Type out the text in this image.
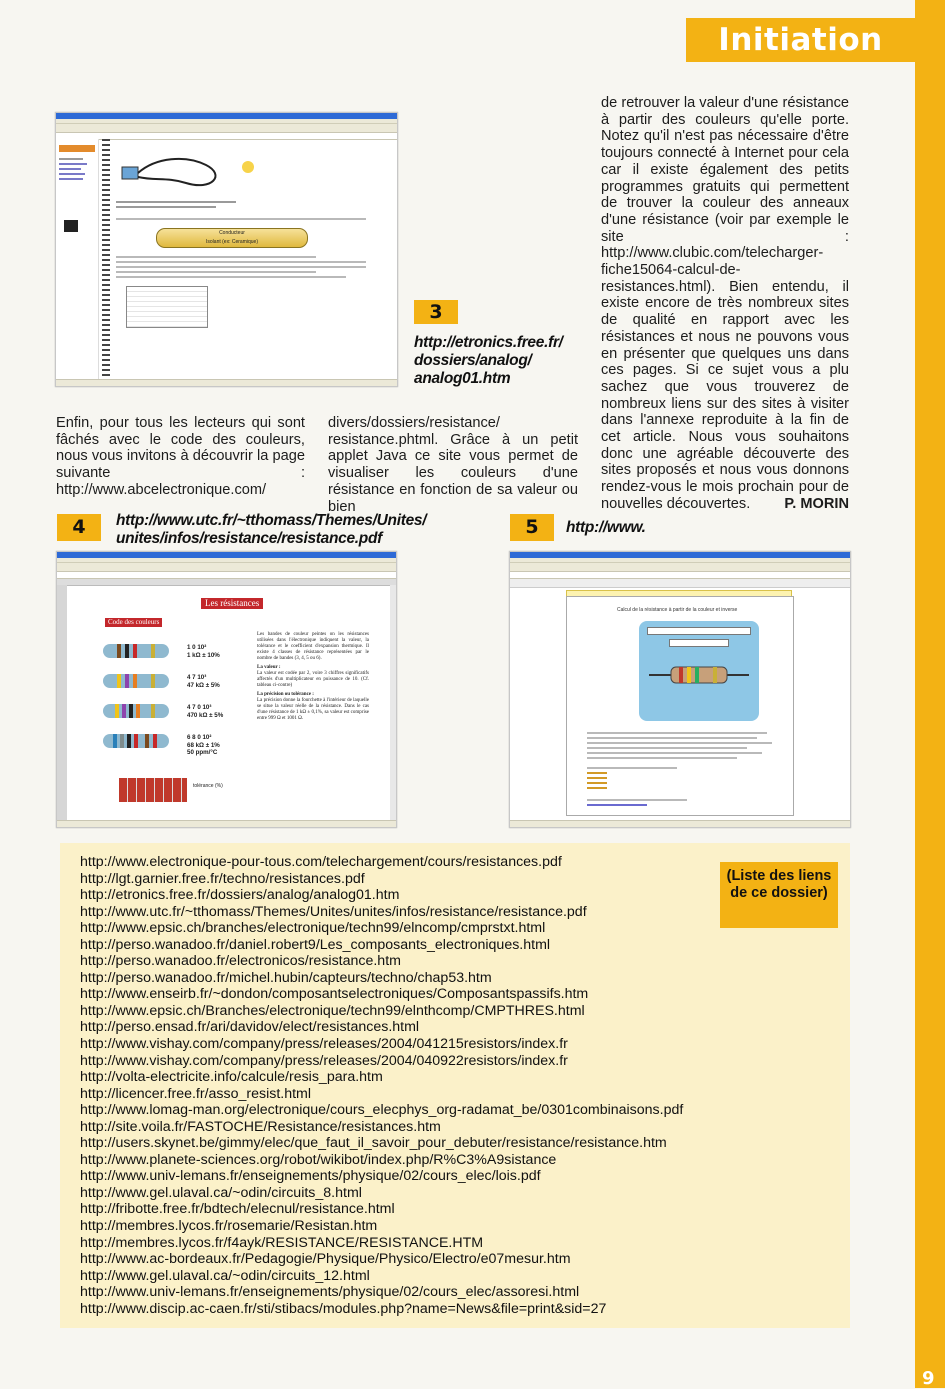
Initiation
9
Conducteur
Isolant (ex: Ceramique)
3
http://etronics.free.fr/ dossiers/analog/ analog01.htm
Enfin, pour tous les lecteurs qui sont fâchés avec le code des couleurs, nous vous invitons à découvrir la page suivante : http://www.abcelectronique.com/
divers/dossiers/resistance/ resistance.phtml. Grâce à un petit applet Java ce site vous permet de visualiser les couleurs d'une résistance en fonction de sa valeur ou bien
de retrouver la valeur d'une résistance à partir des couleurs qu'elle porte. Notez qu'il n'est pas nécessaire d'être toujours connecté à Internet pour cela car il existe également des petits programmes gratuits qui permettent de trouver la couleur des anneaux d'une résistance (voir par exemple le site : http://www.clubic.com/telecharger-fiche15064-calcul-de-resistances.html). Bien entendu, il existe encore de très nombreux sites de qualité en rapport avec les résistances et nous ne pouvons vous en présenter que quelques uns dans ces pages. Si ce sujet vous a plu sachez que vous trouverez de nombreux liens sur des sites à visiter dans l'annexe reproduite à la fin de cet article. Nous vous souhaitons donc une agréable découverte des sites proposés et nous vous donnons rendez-vous le mois prochain pour de nouvelles découvertes. P. MORIN
4	http://www.utc.fr/~tthomass/Themes/Unites/ unites/infos/resistance/resistance.pdf
Les résistances
Code des couleurs
1 0 10²
1 kΩ ± 10%
4 7 10³
47 kΩ ± 5%
4 7 0 10³
470 kΩ ± 5%
6 8 0 10²
68 kΩ ± 1%
50 ppm/°C
tolérance (%)
Les bandes de couleur peintes on les résistances utilisées dans l'électronique indiquent la valeur, la tolérance et le coefficient d'expansion thermique. Il existe 4 classes de résistance représentées par le nombre de bandes (3, 4, 5 ou 6).
La valeur :
La valeur est codée par 2, voire 3 chiffres significatifs affectés d'un multiplicateur en puissance de 10. (Cf. tableau ci-contre)
La précision ou tolérance :
La précision donne la fourchette à l'intérieur de laquelle se situe la valeur réelle de la résistance. Dans le cas d'une résistance de 1 kΩ ± 0,1%, sa valeur est comprise entre 999 Ω et 1001 Ω.
5	http://www.
Calcul de la résistance à partir de la couleur et inverse
(Liste des liens de ce dossier)
http://www.electronique-pour-tous.com/telechargement/cours/resistances.pdf
http://lgt.garnier.free.fr/techno/resistances.pdf
http://etronics.free.fr/dossiers/analog/analog01.htm
http://www.utc.fr/~tthomass/Themes/Unites/unites/infos/resistance/resistance.pdf
http://www.epsic.ch/branches/electronique/techn99/elncomp/cmprstxt.html
http://perso.wanadoo.fr/daniel.robert9/Les_composants_electroniques.html
http://perso.wanadoo.fr/electronicos/resistance.htm
http://perso.wanadoo.fr/michel.hubin/capteurs/techno/chap53.htm
http://www.enseirb.fr/~dondon/composantselectroniques/Composantspassifs.htm
http://www.epsic.ch/Branches/electronique/techn99/elnthcomp/CMPTHRES.html
http://perso.ensad.fr/ari/davidov/elect/resistances.html
http://www.vishay.com/company/press/releases/2004/041215resistors/index.fr
http://www.vishay.com/company/press/releases/2004/040922resistors/index.fr
http://volta-electricite.info/calcule/resis_para.htm
http://licencer.free.fr/asso_resist.html
http://www.lomag-man.org/electronique/cours_elecphys_org-radamat_be/0301combinaisons.pdf
http://site.voila.fr/FASTOCHE/Resistance/resistances.htm
http://users.skynet.be/gimmy/elec/que_faut_il_savoir_pour_debuter/resistance/resistance.htm
http://www.planete-sciences.org/robot/wikibot/index.php/R%C3%A9sistance
http://www.univ-lemans.fr/enseignements/physique/02/cours_elec/lois.pdf
http://www.gel.ulaval.ca/~odin/circuits_8.html
http://fribotte.free.fr/bdtech/elecnul/resistance.html
http://membres.lycos.fr/rosemarie/Resistan.htm
http://membres.lycos.fr/f4ayk/RESISTANCE/RESISTANCE.HTM
http://www.ac-bordeaux.fr/Pedagogie/Physique/Physico/Electro/e07mesur.htm
http://www.gel.ulaval.ca/~odin/circuits_12.html
http://www.univ-lemans.fr/enseignements/physique/02/cours_elec/assoresi.html
http://www.discip.ac-caen.fr/sti/stibacs/modules.php?name=News&file=print&sid=27
